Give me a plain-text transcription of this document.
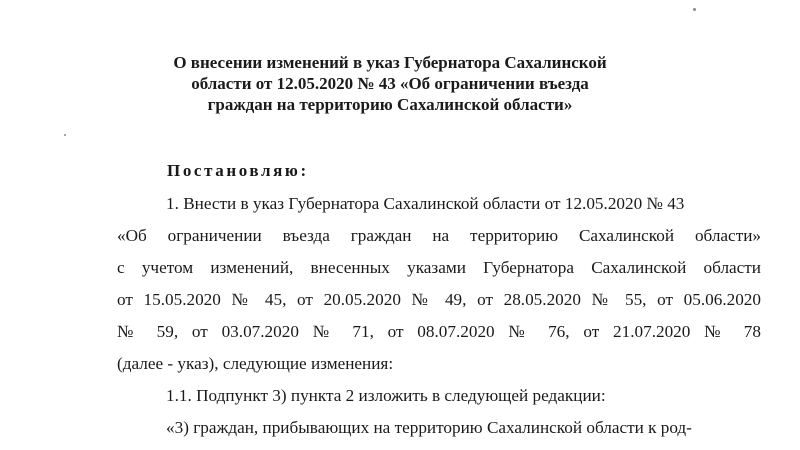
О внесении изменений в указ Губернатора Сахалинской
области от 12.05.2020 № 43 «Об ограничении въезда
граждан на территорию Сахалинской области»
Постановляю:
1. Внести в указ Губернатора Сахалинской области от 12.05.2020 № 43
«Об ограничении въезда граждан на территорию Сахалинской области»
с учетом изменений, внесенных указами Губернатора Сахалинской области
от 15.05.2020 № 45, от 20.05.2020 № 49, от 28.05.2020 № 55, от 05.06.2020
№ 59, от 03.07.2020 № 71, от 08.07.2020 № 76, от 21.07.2020 № 78
(далее - указ), следующие изменения:
1.1. Подпункт 3) пункта 2 изложить в следующей редакции:
«3) граждан, прибывающих на территорию Сахалинской области к род-
